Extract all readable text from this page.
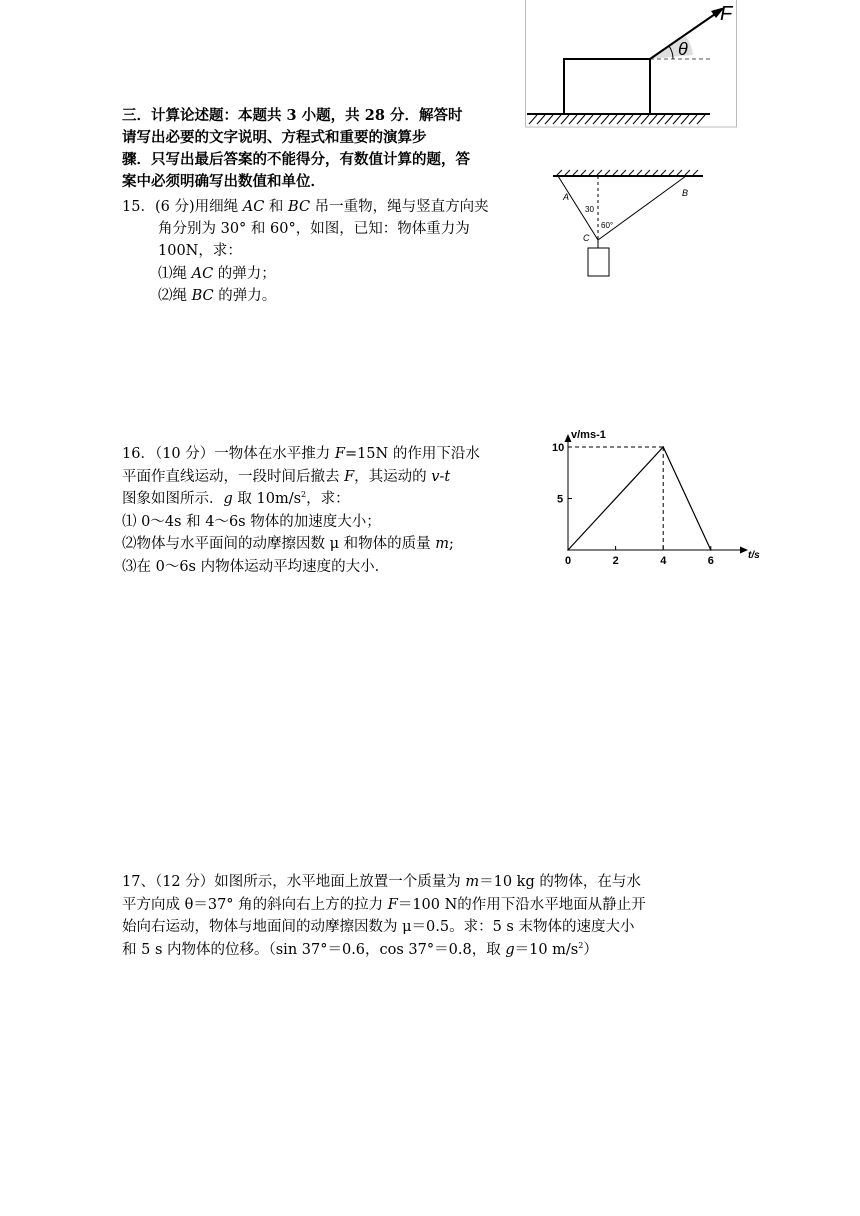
F
θ
三．计算论述题：本题共 3 小题，共 28 分．解答时
请写出必要的文字说明、方程式和重要的演算步
骤．只写出最后答案的不能得分，有数值计算的题，答
案中必须明确写出数值和单位．
15．(6 分)用细绳 AC 和 BC 吊一重物，绳与竖直方向夹
角分别为 30° 和 60°，如图，已知：物体重力为
100N，求：
⑴绳 AC 的弹力；
⑵绳 BC 的弹力。
A	B
C
30
60°
16．（10 分）一物体在水平推力 F=15N 的作用下沿水
平面作直线运动，一段时间后撤去 F，其运动的 v-t
图象如图所示．g 取 $10m/s^2$，求：
⑴ 0～4s 和 4～6s 物体的加速度大小；
⑵物体与水平面间的动摩擦因数 μ 和物体的质量 m;
⑶在 0～6s 内物体运动平均速度的大小．
t/s
v/ms-1
0	2	4	6
5
10
17、（12 分）如图所示，水平地面上放置一个质量为 m＝10 kg 的物体，在与水
平方向成 θ＝37° 角的斜向右上方的拉力 F＝100 N的作用下沿水平地面从静止开
始向右运动，物体与地面间的动摩擦因数为 μ＝0.5。求：5 s 末物体的速度大小
和 5 s 内物体的位移。（sin 37°＝0.6，cos 37°＝0.8，取 g＝10 $m/s^2$）
